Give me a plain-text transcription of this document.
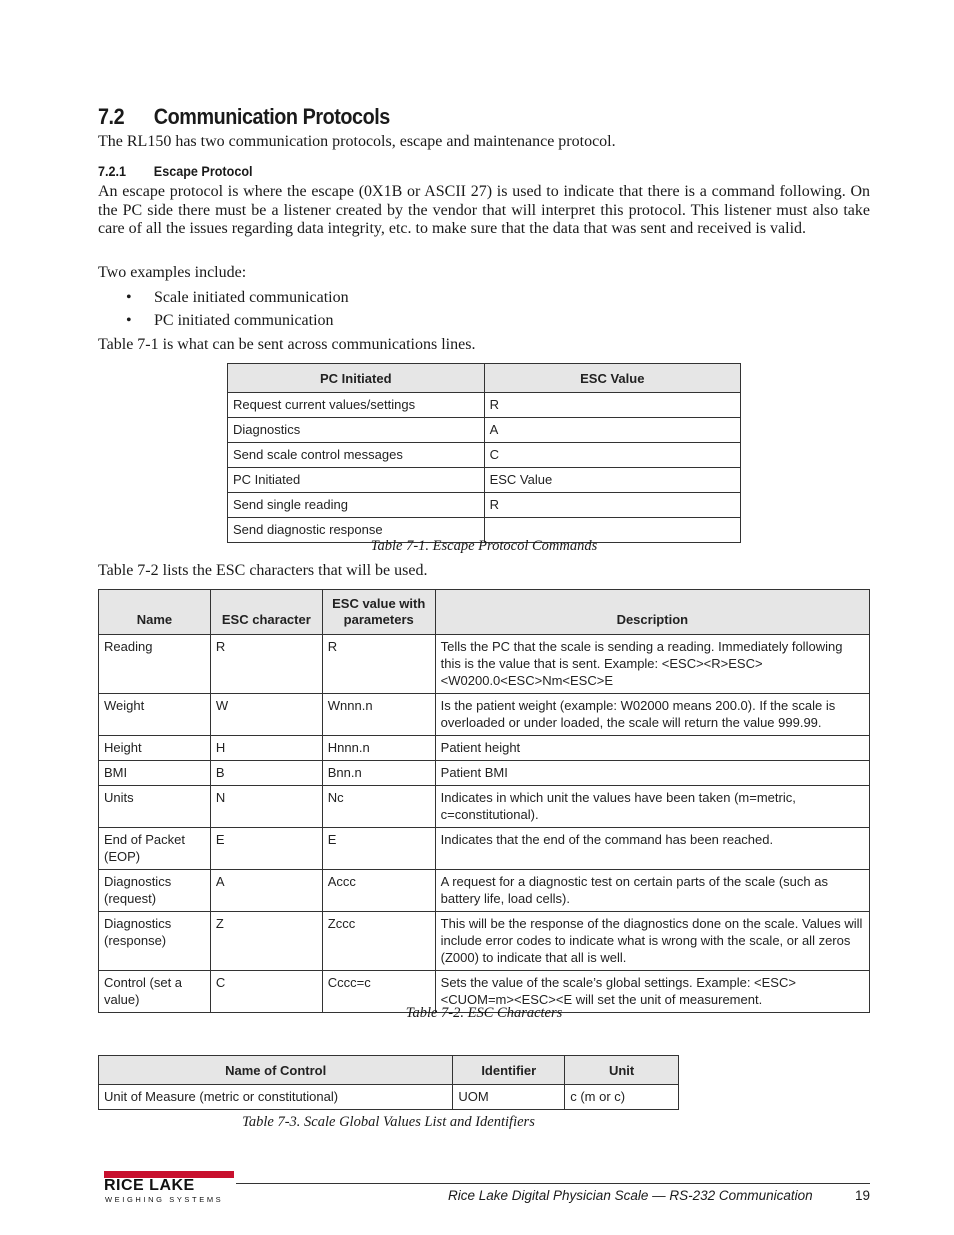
7.2 Communication Protocols
The RL150 has two communication protocols, escape and maintenance protocol.
7.2.1 Escape Protocol
An escape protocol is where the escape (0X1B or ASCII 27) is used to indicate that there is a command following. On the PC side there must be a listener created by the vendor that will interpret this protocol. This listener must also take care of all the issues regarding data integrity, etc. to make sure that the data that was sent and received is valid.
Two examples include:
• Scale initiated communication
• PC initiated communication
Table 7-1 is what can be sent across communications lines.
PC Initiated	ESC Value
Request current values/settings	R
Diagnostics	A
Send scale control messages	C
PC Initiated	ESC Value
Send single reading	R
Send diagnostic response	
Table 7-1. Escape Protocol Commands
Table 7-2 lists the ESC characters that will be used.
Name	ESC character	ESC value with parameters	Description
Reading	R	R	Tells the PC that the scale is sending a reading. Immediately following this is the value that is sent. Example: <ESC><R>ESC><W0200.0<ESC>Nm<ESC>E
Weight	W	Wnnn.n	Is the patient weight (example: W02000 means 200.0). If the scale is overloaded or under loaded, the scale will return the value 999.99.
Height	H	Hnnn.n	Patient height
BMI	B	Bnn.n	Patient BMI
Units	N	Nc	Indicates in which unit the values have been taken (m=metric, c=constitutional).
End of Packet (EOP)	E	E	Indicates that the end of the command has been reached.
Diagnostics (request)	A	Accc	A request for a diagnostic test on certain parts of the scale (such as battery life, load cells).
Diagnostics (response)	Z	Zccc	This will be the response of the diagnostics done on the scale. Values will include error codes to indicate what is wrong with the scale, or all zeros (Z000) to indicate that all is well.
Control (set a value)	C	Cccc=c	Sets the value of the scale’s global settings. Example: <ESC><CUOM=m><ESC><E will set the unit of measurement.
Table 7-2. ESC Characters
Name of Control	Identifier	Unit
Unit of Measure (metric or constitutional)	UOM	c (m or c)
Table 7-3. Scale Global Values List and Identifiers
RICE LAKE
WEIGHING SYSTEMS	Rice Lake Digital Physician Scale — RS-232 Communication	19
